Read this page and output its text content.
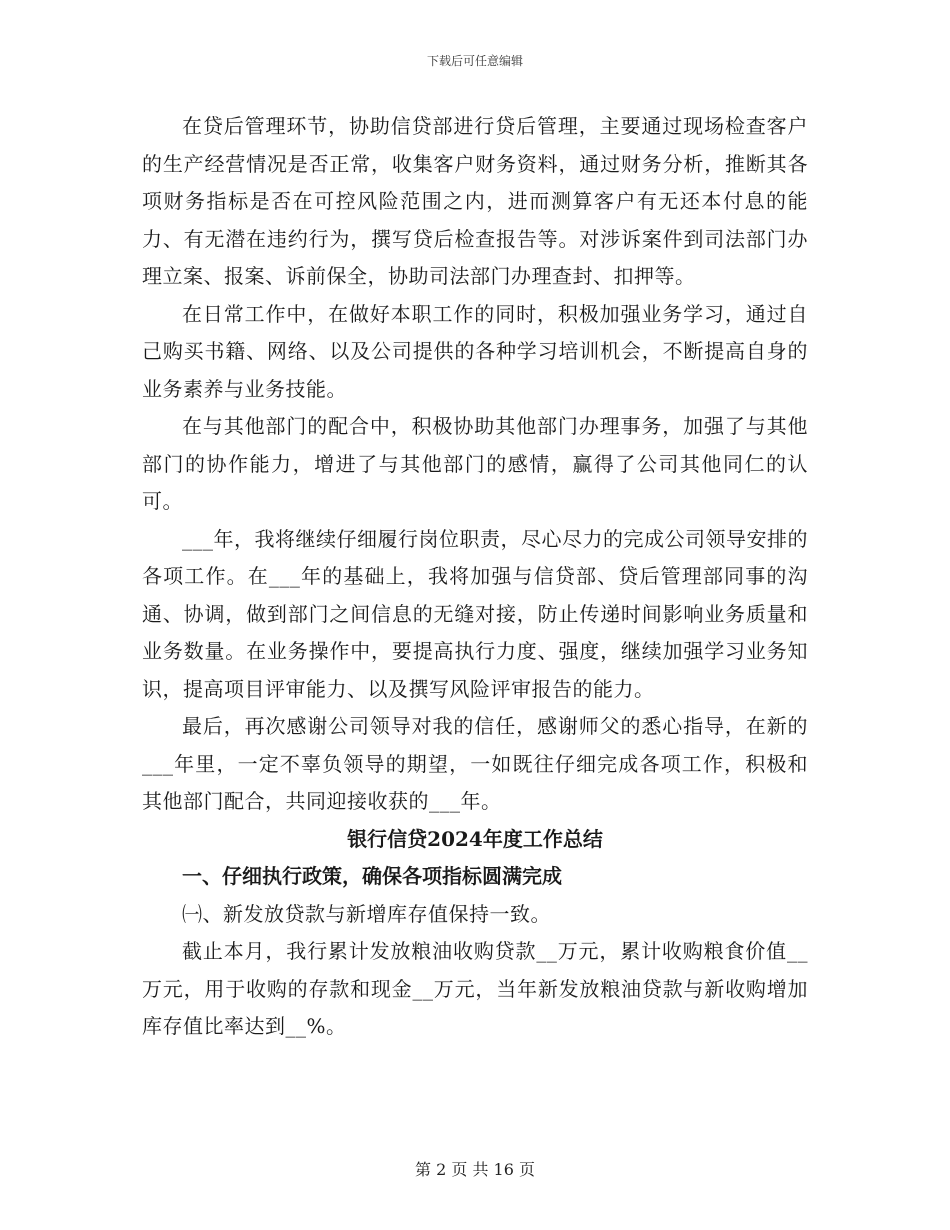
下载后可任意编辑

在贷后管理环节，协助信贷部进行贷后管理，主要通过现场检查客户的生产经营情况是否正常，收集客户财务资料，通过财务分析，推断其各项财务指标是否在可控风险范围之内，进而测算客户有无还本付息的能力、有无潜在违约行为，撰写贷后检查报告等。对涉诉案件到司法部门办理立案、报案、诉前保全，协助司法部门办理查封、扣押等。

在日常工作中，在做好本职工作的同时，积极加强业务学习，通过自己购买书籍、网络、以及公司提供的各种学习培训机会，不断提高自身的业务素养与业务技能。

在与其他部门的配合中，积极协助其他部门办理事务，加强了与其他部门的协作能力，增进了与其他部门的感情，赢得了公司其他同仁的认可。

___年，我将继续仔细履行岗位职责，尽心尽力的完成公司领导安排的各项工作。在___年的基础上，我将加强与信贷部、贷后管理部同事的沟通、协调，做到部门之间信息的无缝对接，防止传递时间影响业务质量和业务数量。在业务操作中，要提高执行力度、强度，继续加强学习业务知识，提高项目评审能力、以及撰写风险评审报告的能力。

最后，再次感谢公司领导对我的信任，感谢师父的悉心指导，在新的___年里，一定不辜负领导的期望，一如既往仔细完成各项工作，积极和其他部门配合，共同迎接收获的___年。

银行信贷2024年度工作总结

一、仔细执行政策，确保各项指标圆满完成

㈠、新发放贷款与新增库存值保持一致。

截止本月，我行累计发放粮油收购贷款__万元，累计收购粮食价值__万元，用于收购的存款和现金__万元，当年新发放粮油贷款与新收购增加库存值比率达到__%。

第 2 页 共 16 页
